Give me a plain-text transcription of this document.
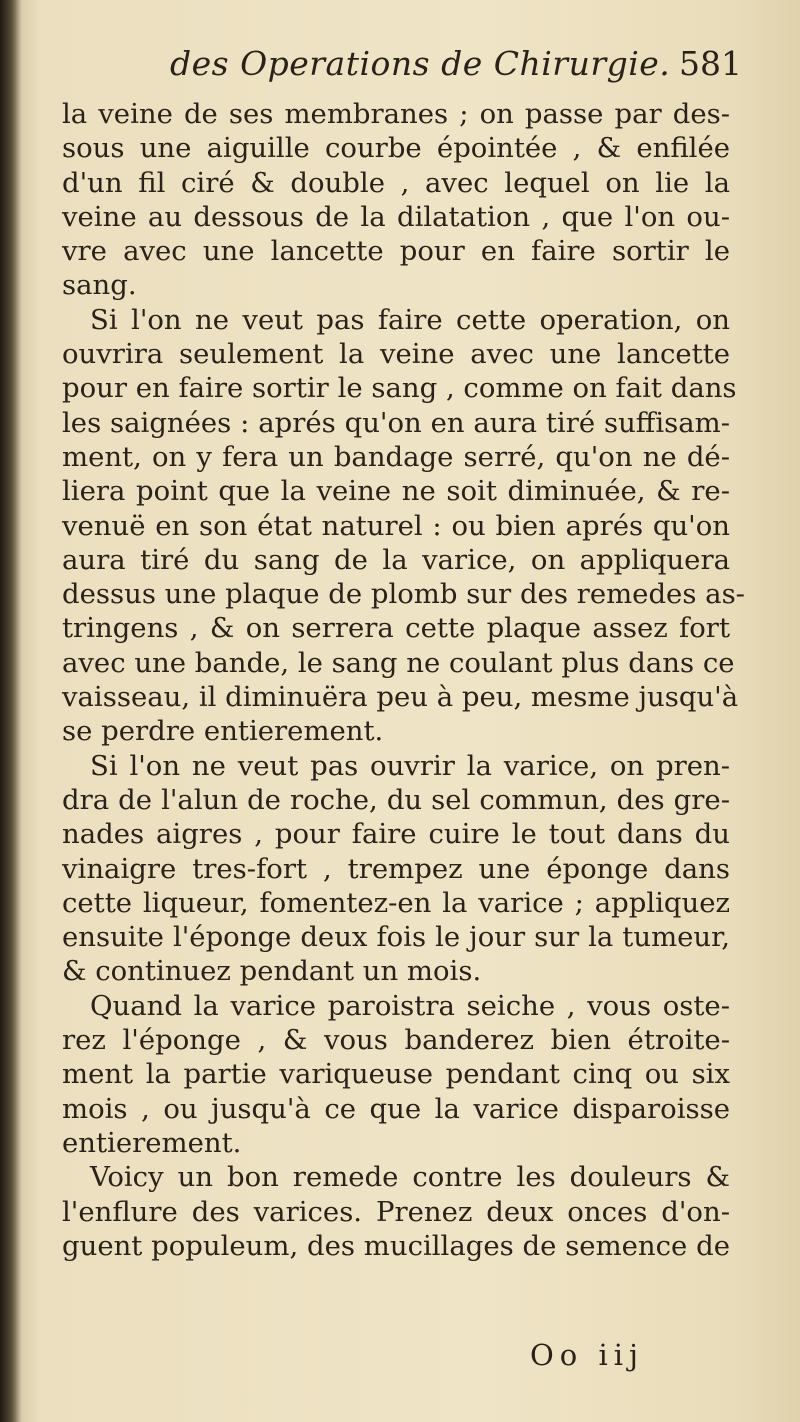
des Operations de Chirurgie. 581
la veine de ses membranes ; on passe par des-
sous une aiguille courbe épointée , & enfilée
d'un fil ciré & double , avec lequel on lie la
veine au dessous de la dilatation , que l'on ou-
vre avec une lancette pour en faire sortir le
sang.
Si l'on ne veut pas faire cette operation, on
ouvrira seulement la veine avec une lancette
pour en faire sortir le sang , comme on fait dans
les saignées : aprés qu'on en aura tiré suffisam-
ment, on y fera un bandage serré, qu'on ne dé-
liera point que la veine ne soit diminuée, & re-
venuë en son état naturel : ou bien aprés qu'on
aura tiré du sang de la varice, on appliquera
dessus une plaque de plomb sur des remedes as-
tringens , & on serrera cette plaque assez fort
avec une bande, le sang ne coulant plus dans ce
vaisseau, il diminuëra peu à peu, mesme jusqu'à
se perdre entierement.
Si l'on ne veut pas ouvrir la varice, on pren-
dra de l'alun de roche, du sel commun, des gre-
nades aigres , pour faire cuire le tout dans du
vinaigre tres-fort , trempez une éponge dans
cette liqueur, fomentez-en la varice ; appliquez
ensuite l'éponge deux fois le jour sur la tumeur,
& continuez pendant un mois.
Quand la varice paroistra seiche , vous oste-
rez l'éponge , & vous banderez bien étroite-
ment la partie variqueuse pendant cinq ou six
mois , ou jusqu'à ce que la varice disparoisse
entierement.
Voicy un bon remede contre les douleurs &
l'enflure des varices. Prenez deux onces d'on-
guent populeum, des mucillages de semence de
Oo iij
